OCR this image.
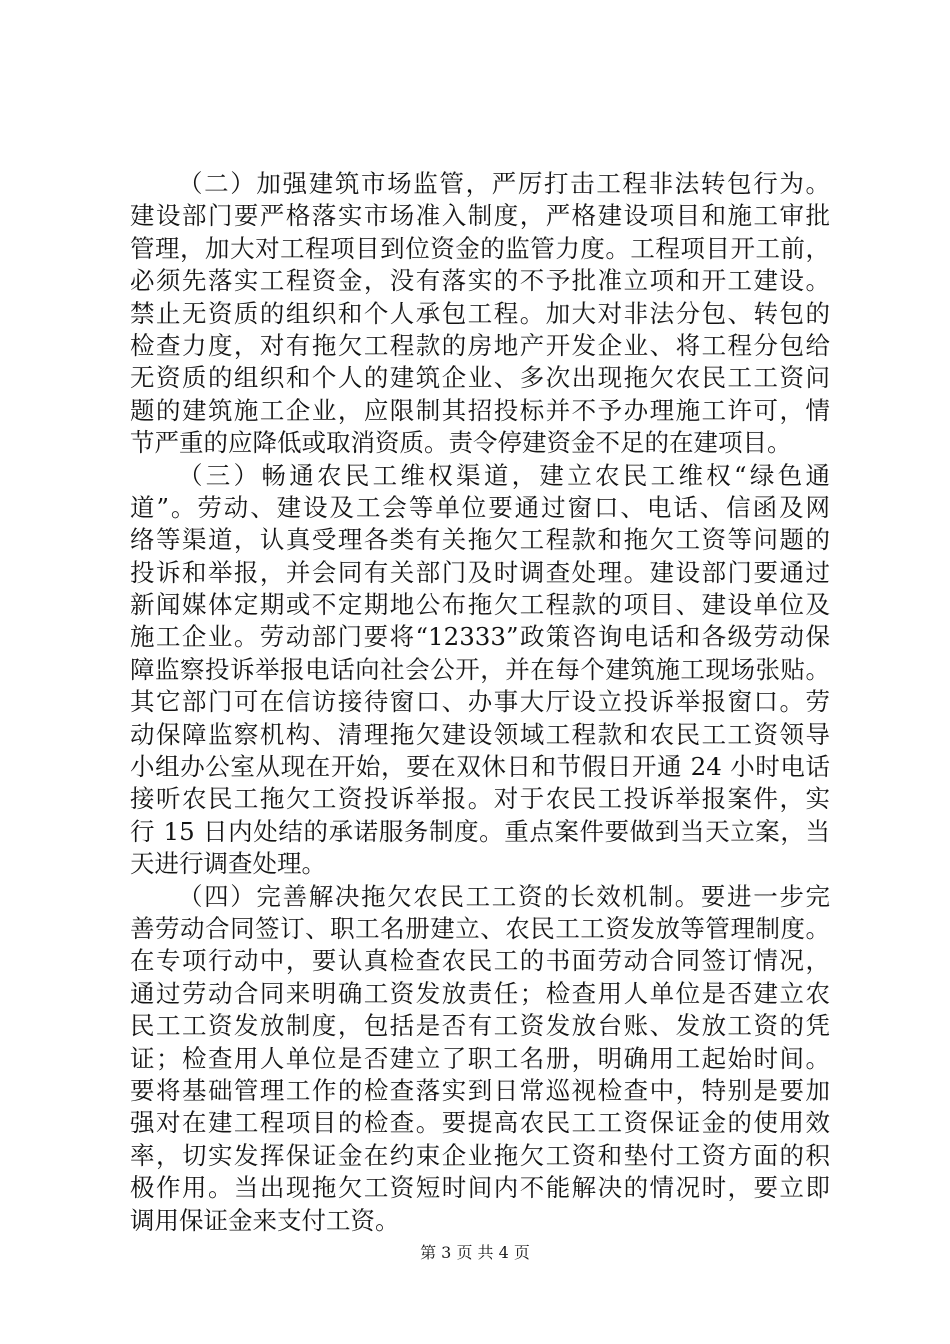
（二）加强建筑市场监管，严厉打击工程非法转包行为。
建设部门要严格落实市场准入制度，严格建设项目和施工审批
管理，加大对工程项目到位资金的监管力度。工程项目开工前，
必须先落实工程资金，没有落实的不予批准立项和开工建设。
禁止无资质的组织和个人承包工程。加大对非法分包、转包的
检查力度，对有拖欠工程款的房地产开发企业、将工程分包给
无资质的组织和个人的建筑企业、多次出现拖欠农民工工资问
题的建筑施工企业，应限制其招投标并不予办理施工许可，情
节严重的应降低或取消资质。责令停建资金不足的在建项目。
（三）畅通农民工维权渠道，建立农民工维权“绿色通
道”。劳动、建设及工会等单位要通过窗口、电话、信函及网
络等渠道，认真受理各类有关拖欠工程款和拖欠工资等问题的
投诉和举报，并会同有关部门及时调查处理。建设部门要通过
新闻媒体定期或不定期地公布拖欠工程款的项目、建设单位及
施工企业。劳动部门要将“12333”政策咨询电话和各级劳动保
障监察投诉举报电话向社会公开，并在每个建筑施工现场张贴。
其它部门可在信访接待窗口、办事大厅设立投诉举报窗口。劳
动保障监察机构、清理拖欠建设领域工程款和农民工工资领导
小组办公室从现在开始，要在双休日和节假日开通 24 小时电话
接听农民工拖欠工资投诉举报。对于农民工投诉举报案件，实
行 15 日内处结的承诺服务制度。重点案件要做到当天立案，当
天进行调查处理。
（四）完善解决拖欠农民工工资的长效机制。要进一步完
善劳动合同签订、职工名册建立、农民工工资发放等管理制度。
在专项行动中，要认真检查农民工的书面劳动合同签订情况，
通过劳动合同来明确工资发放责任；检查用人单位是否建立农
民工工资发放制度，包括是否有工资发放台账、发放工资的凭
证；检查用人单位是否建立了职工名册，明确用工起始时间。
要将基础管理工作的检查落实到日常巡视检查中，特别是要加
强对在建工程项目的检查。要提高农民工工资保证金的使用效
率，切实发挥保证金在约束企业拖欠工资和垫付工资方面的积
极作用。当出现拖欠工资短时间内不能解决的情况时，要立即
调用保证金来支付工资。
第 3 页 共 4 页
